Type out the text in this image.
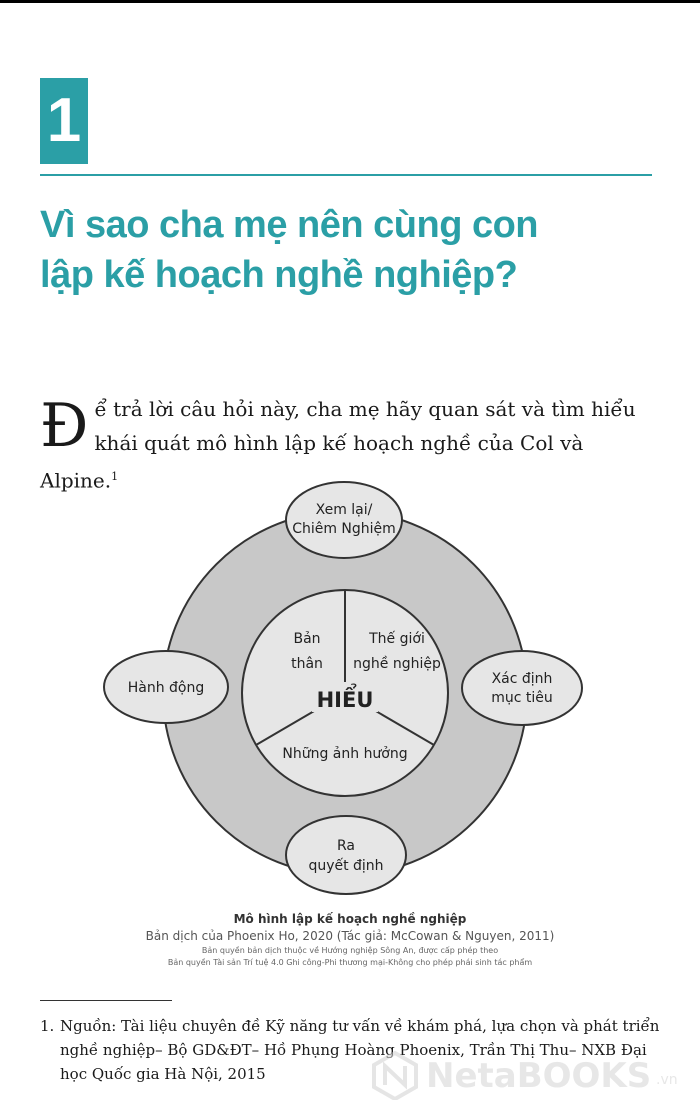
1
Vì sao cha mẹ nên cùng con
lập kế hoạch nghề nghiệp?
Để trả lời câu hỏi này, cha mẹ hãy quan sát và tìm hiểu khái quát mô hình lập kế hoạch nghề của Col và Alpine.$^1$
HIỂU
Bản
thân
Thế giới
nghề nghiệp
Những ảnh hưởng
Xem lại/
Chiêm Nghiệm
Xác định
mục tiêu
Ra
quyết định
Hành động
Mô hình lập kế hoạch nghề nghiệp
Bản dịch của Phoenix Ho, 2020 (Tác giả: McCowan & Nguyen, 2011)
Bản quyền bản dịch thuộc về Hướng nghiệp Sông An, được cấp phép theo
Bản quyền Tài sản Trí tuệ 4.0 Ghi công-Phi thương mại-Không cho phép phái sinh tác phẩm
1. Nguồn: Tài liệu chuyên đề Kỹ năng tư vấn về khám phá, lựa chọn và phát triển nghề nghiệp– Bộ GD&ĐT– Hồ Phụng Hoàng Phoenix, Trần Thị Thu– NXB Đại học Quốc gia Hà Nội, 2015	NetaBOOKS .vn
